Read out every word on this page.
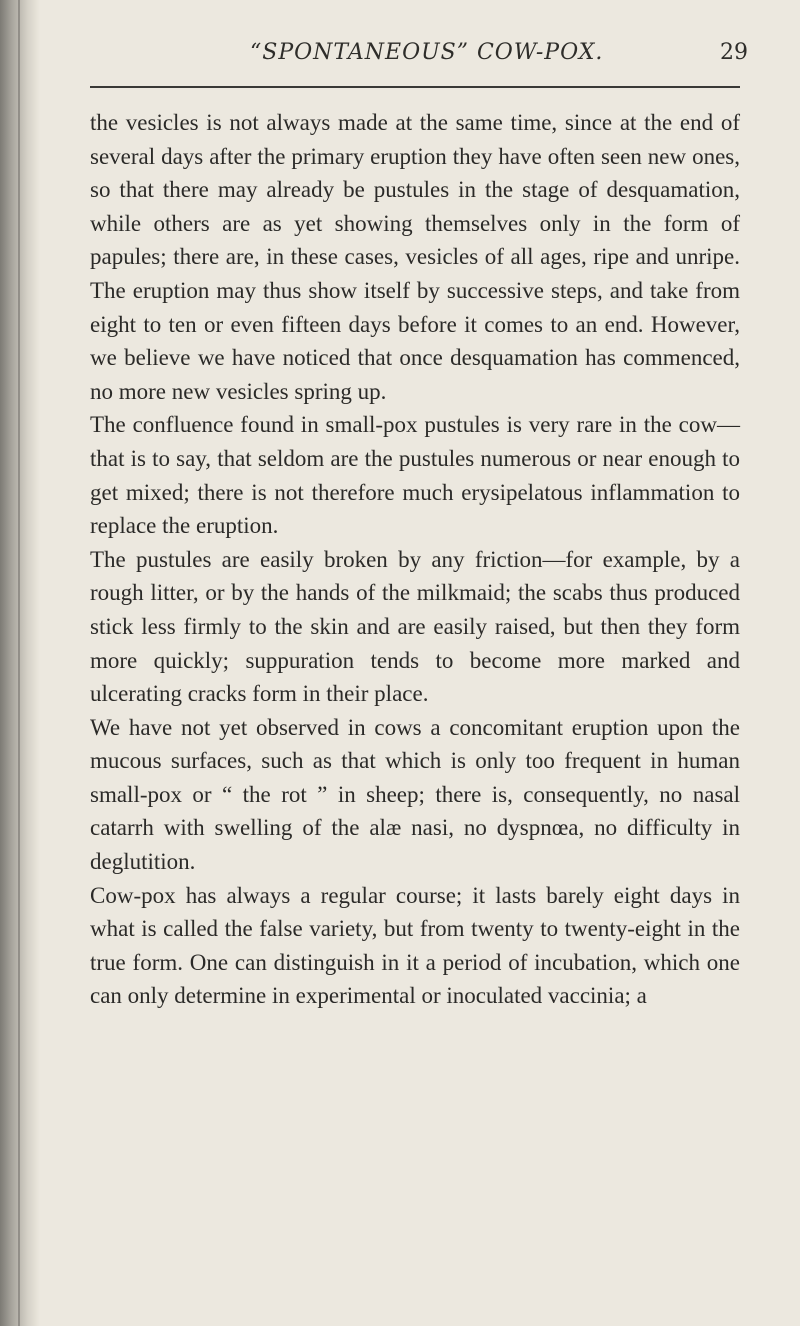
“SPONTANEOUS” COW-POX.	29

the vesicles is not always made at the same time, since at the end of several days after the primary eruption they have often seen new ones, so that there may already be pustules in the stage of desquamation, while others are as yet showing themselves only in the form of papules; there are, in these cases, vesicles of all ages, ripe and unripe. The eruption may thus show itself by successive steps, and take from eight to ten or even fifteen days before it comes to an end. However, we believe we have noticed that once desquamation has commenced, no more new vesicles spring up.

The confluence found in small-pox pustules is very rare in the cow—that is to say, that seldom are the pustules numerous or near enough to get mixed; there is not therefore much erysipelatous inflammation to replace the eruption.

The pustules are easily broken by any friction—for example, by a rough litter, or by the hands of the milkmaid; the scabs thus produced stick less firmly to the skin and are easily raised, but then they form more quickly; suppuration tends to become more marked and ulcerating cracks form in their place.

We have not yet observed in cows a concomitant eruption upon the mucous surfaces, such as that which is only too frequent in human small-pox or “ the rot ” in sheep; there is, consequently, no nasal catarrh with swelling of the alæ nasi, no dyspnœa, no difficulty in deglutition.

Cow-pox has always a regular course; it lasts barely eight days in what is called the false variety, but from twenty to twenty-eight in the true form. One can distinguish in it a period of incubation, which one can only determine in experimental or inoculated vaccinia; a
